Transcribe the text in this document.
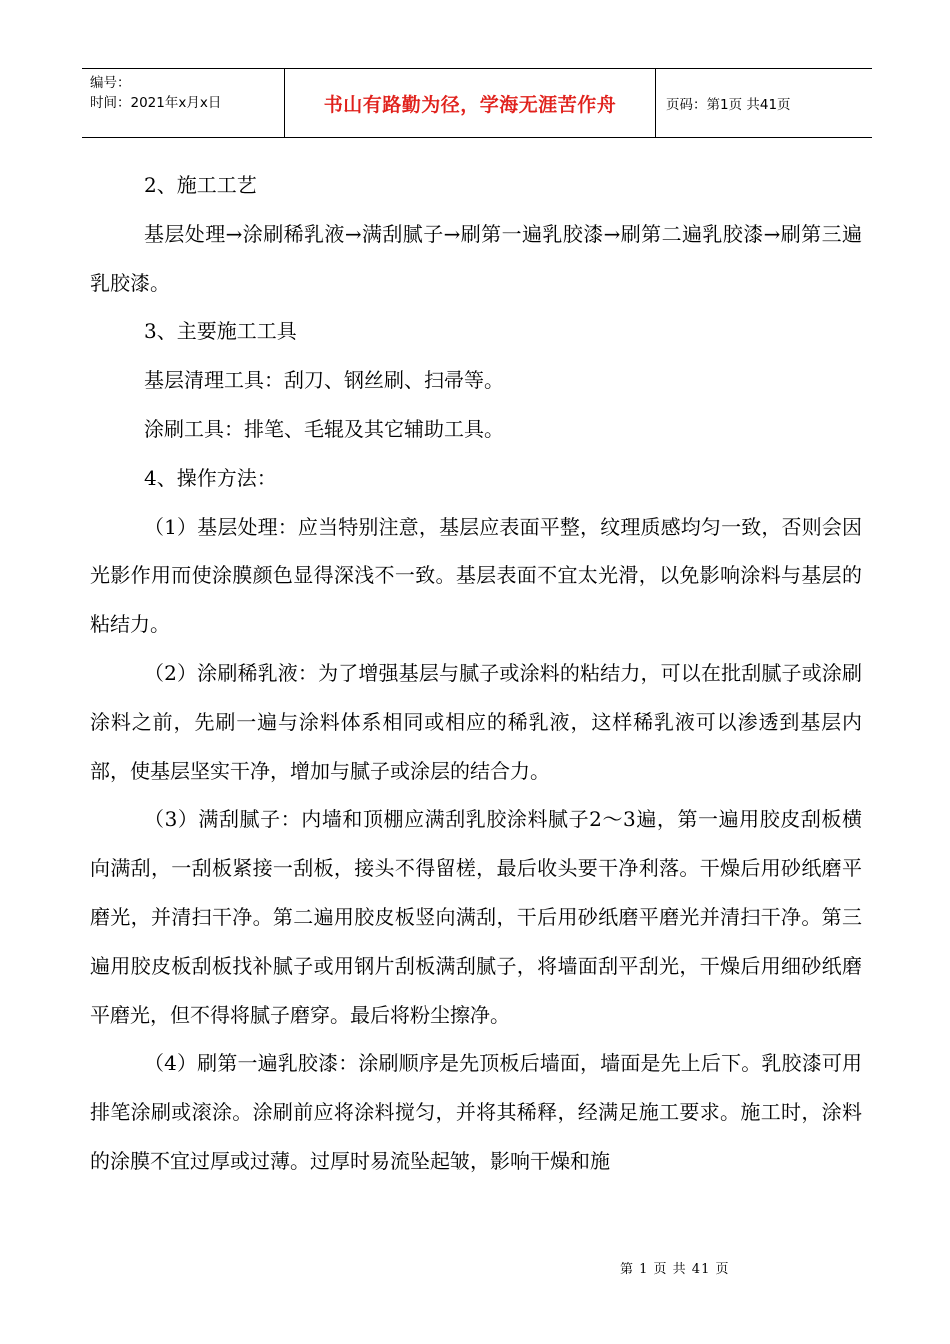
编号：
时间：2021年x月x日	书山有路勤为径，学海无涯苦作舟	页码：第1页 共41页

2、施工工艺

基层处理→涂刷稀乳液→满刮腻子→刷第一遍乳胶漆→刷第二遍乳胶漆→刷第三遍乳胶漆。

3、主要施工工具

基层清理工具：刮刀、钢丝刷、扫帚等。

涂刷工具：排笔、毛辊及其它辅助工具。

4、操作方法：

（1）基层处理：应当特别注意，基层应表面平整，纹理质感均匀一致，否则会因光影作用而使涂膜颜色显得深浅不一致。基层表面不宜太光滑，以免影响涂料与基层的粘结力。

（2）涂刷稀乳液：为了增强基层与腻子或涂料的粘结力，可以在批刮腻子或涂刷涂料之前，先刷一遍与涂料体系相同或相应的稀乳液，这样稀乳液可以渗透到基层内部，使基层坚实干净，增加与腻子或涂层的结合力。

（3）满刮腻子：内墙和顶棚应满刮乳胶涂料腻子2～3遍，第一遍用胶皮刮板横向满刮，一刮板紧接一刮板，接头不得留槎，最后收头要干净利落。干燥后用砂纸磨平磨光，并清扫干净。第二遍用胶皮板竖向满刮，干后用砂纸磨平磨光并清扫干净。第三遍用胶皮板刮板找补腻子或用钢片刮板满刮腻子，将墙面刮平刮光，干燥后用细砂纸磨平磨光，但不得将腻子磨穿。最后将粉尘擦净。

（4）刷第一遍乳胶漆：涂刷顺序是先顶板后墙面，墙面是先上后下。乳胶漆可用排笔涂刷或滚涂。涂刷前应将涂料搅匀，并将其稀释，经满足施工要求。施工时，涂料的涂膜不宜过厚或过薄。过厚时易流坠起皱，影响干燥和施

第 1 页 共 41 页
